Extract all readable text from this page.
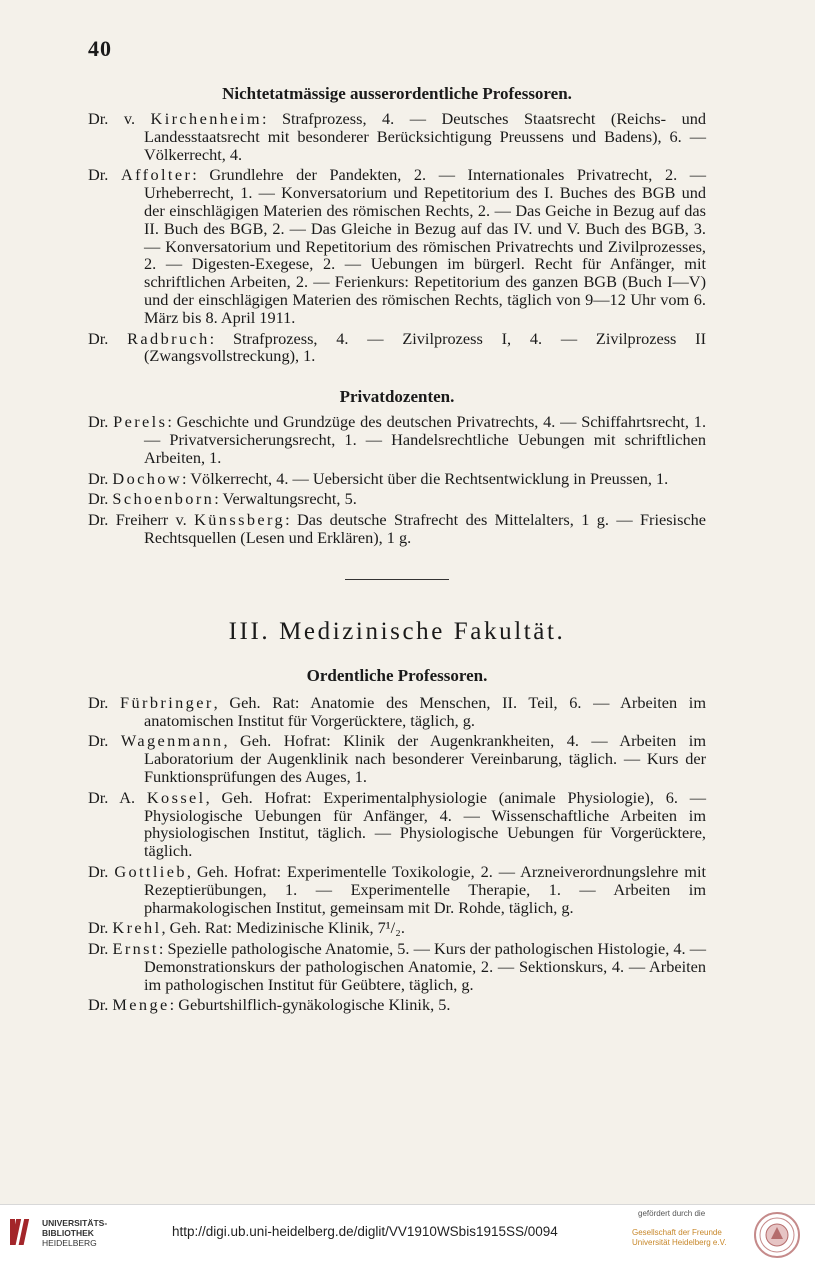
40
Nichtetatmässige ausserordentliche Professoren.

Dr. v. Kirchenheim: Strafprozess, 4. — Deutsches Staatsrecht (Reichs- und Landesstaatsrecht mit besonderer Berücksichtigung Preussens und Badens), 6. — Völkerrecht, 4.

Dr. Affolter: Grundlehre der Pandekten, 2. — Internationales Privatrecht, 2. — Urheberrecht, 1. — Konversatorium und Repetitorium des I. Buches des BGB und der einschlägigen Materien des römischen Rechts, 2. — Das Geiche in Bezug auf das II. Buch des BGB, 2. — Das Gleiche in Bezug auf das IV. und V. Buch des BGB, 3. — Konversatorium und Repetitorium des römischen Privatrechts und Zivilprozesses, 2. — Digesten-Exegese, 2. — Uebungen im bürgerl. Recht für Anfänger, mit schriftlichen Arbeiten, 2. — Ferienkurs: Repetitorium des ganzen BGB (Buch I—V) und der einschlägigen Materien des römischen Rechts, täglich von 9—12 Uhr vom 6. März bis 8. April 1911.

Dr. Radbruch: Strafprozess, 4. — Zivilprozess I, 4. — Zivilprozess II (Zwangsvollstreckung), 1.

Privatdozenten.

Dr. Perels: Geschichte und Grundzüge des deutschen Privatrechts, 4. — Schiffahrtsrecht, 1. — Privatversicherungsrecht, 1. — Handelsrechtliche Uebungen mit schriftlichen Arbeiten, 1.

Dr. Dochow: Völkerrecht, 4. — Uebersicht über die Rechtsentwicklung in Preussen, 1.

Dr. Schoenborn: Verwaltungsrecht, 5.

Dr. Freiherr v. Künssberg: Das deutsche Strafrecht des Mittelalters, 1 g. — Friesische Rechtsquellen (Lesen und Erklären), 1 g.

III. Medizinische Fakultät.
Ordentliche Professoren.

Dr. Fürbringer, Geh. Rat: Anatomie des Menschen, II. Teil, 6. — Arbeiten im anatomischen Institut für Vorgerücktere, täglich, g.

Dr. Wagenmann, Geh. Hofrat: Klinik der Augenkrankheiten, 4. — Arbeiten im Laboratorium der Augenklinik nach besonderer Vereinbarung, täglich. — Kurs der Funktionsprüfungen des Auges, 1.

Dr. A. Kossel, Geh. Hofrat: Experimentalphysiologie (animale Physiologie), 6. — Physiologische Uebungen für Anfänger, 4. — Wissenschaftliche Arbeiten im physiologischen Institut, täglich. — Physiologische Uebungen für Vorgerücktere, täglich.

Dr. Gottlieb, Geh. Hofrat: Experimentelle Toxikologie, 2. — Arzneiverordnungslehre mit Rezeptierübungen, 1. — Experimentelle Therapie, 1. — Arbeiten im pharmakologischen Institut, gemeinsam mit Dr. Rohde, täglich, g.

Dr. Krehl, Geh. Rat: Medizinische Klinik, 7¹/₂.

Dr. Ernst: Spezielle pathologische Anatomie, 5. — Kurs der pathologischen Histologie, 4. — Demonstrationskurs der pathologischen Anatomie, 2. — Sektionskurs, 4. — Arbeiten im pathologischen Institut für Geübtere, täglich, g.

Dr. Menge: Geburtshilflich-gynäkologische Klinik, 5.

UNIVERSITÄTS-
BIBLIOTHEK
HEIDELBERG
http://digi.ub.uni-heidelberg.de/diglit/VV1910WSbis1915SS/0094
gefördert durch die
Gesellschaft der Freunde
Universität Heidelberg e.V.
